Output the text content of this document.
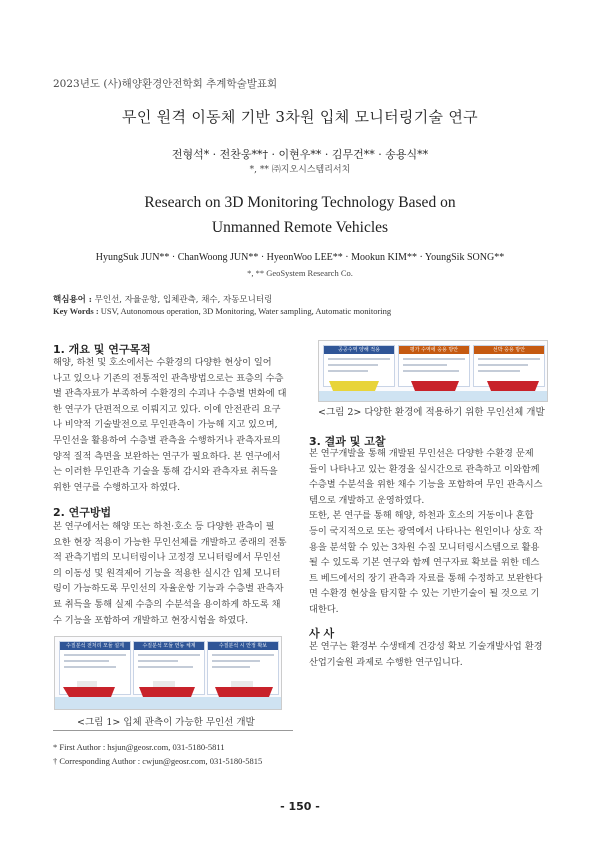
2023년도 (사)해양환경안전학회 추계학술발표회
무인 원격 이동체 기반 3차원 입체 모니터링기술 연구
전형석* · 전찬웅**† · 이현우** · 김무건** · 송용식**
*, ** ㈜지오시스템리서치
Research on 3D Monitoring Technology Based on
Unmanned Remote Vehicles
HyungSuk JUN** · ChanWoong JUN** · HyeonWoo LEE** · Mookun KIM** · YoungSik SONG**
*, ** GeoSystem Research Co.
핵심용어 : 무인선, 자율운항, 입체관측, 채수, 자동모니터링
Key Words : USV, Autonomous operation, 3D Monitoring, Water sampling, Automatic monitoring
1. 개요 및 연구목적
해양, 하천 및 호소에서는 수환경의 다양한 현상이 일어
나고 있으나 기존의 전통적인 관측방법으로는 표층의 수층
별 관측자료가 부족하여 수환경의 수괴나 수층별 변화에 대
한 연구가 단편적으로 이뤄지고 있다. 이에 안전관리 요구
나 비약적 기술발전으로 무인관측이 가능해 지고 있으며,
무인선을 활용하여 수층별 관측을 수행하거나 관측자료의
양적 질적 측면을 보완하는 연구가 필요하다. 본 연구에서
는 이러한 무인관측 기술을 통해 감시와 관측자료 취득을
위한 연구를 수행하고자 하였다.
2. 연구방법
본 연구에서는 해양 또는 하천·호소 등 다양한 관측이 필
요한 현장 적용이 가능한 무인선체를 개발하고 종래의 전통
적 관측기법의 모니터링이나 고정경 모니터링에서 무인선
의 이동성 및 원격제어 기능을 적용한 실시간 입체 모니터
링이 가능하도록 무인선의 자율운항 기능과 수층별 관측자
료 취득을 통해 실제 수층의 수분석을 용이하게 하도록 채
수 기능을 포함하여 개발하고 현장시험을 하였다.
수질분석 전처리 모듈 설계	수질분석 모듈 연동 체계	수질분석 시 안정 확보
<그림 1> 입체 관측이 가능한 무인선 개발
공공수역 양해 적용	평가 수역에 응용 방안	선박 응용 방안
<그림 2> 다양한 환경에 적용하기 위한 무인선체 개발
3. 결과 및 고찰
본 연구개발을 통해 개발된 무인선은 다양한 수환경 문제
들이 나타나고 있는 환경을 실시간으로 관측하고 이와함께
수층별 수분석을 위한 채수 기능을 포함하여 무인 관측시스
템으로 개발하고 운영하였다.
또한, 본 연구를 통해 해양, 하천과 호소의 거동이나 혼합
등이 국지적으로 또는 광역에서 나타나는 원인이나 상호 작
용을 분석할 수 있는 3차원 수질 모니터링시스템으로 활용
될 수 있도록 기본 연구와 함께 연구자료 확보를 위한 데스
트 베드에서의 장기 관측과 자료를 통해 수정하고 보완한다
면 수환경 현상을 탐지할 수 있는 기반기술이 될 것으로 기
대한다.
사 사
본 연구는 환경부 수생태계 건강성 확보 기술개발사업 환경
산업기술원 과제로 수행한 연구입니다.
* First Author : hsjun@geosr.com, 031-5180-5811
† Corresponding Author : cwjun@geosr.com, 031-5180-5815
- 150 -
